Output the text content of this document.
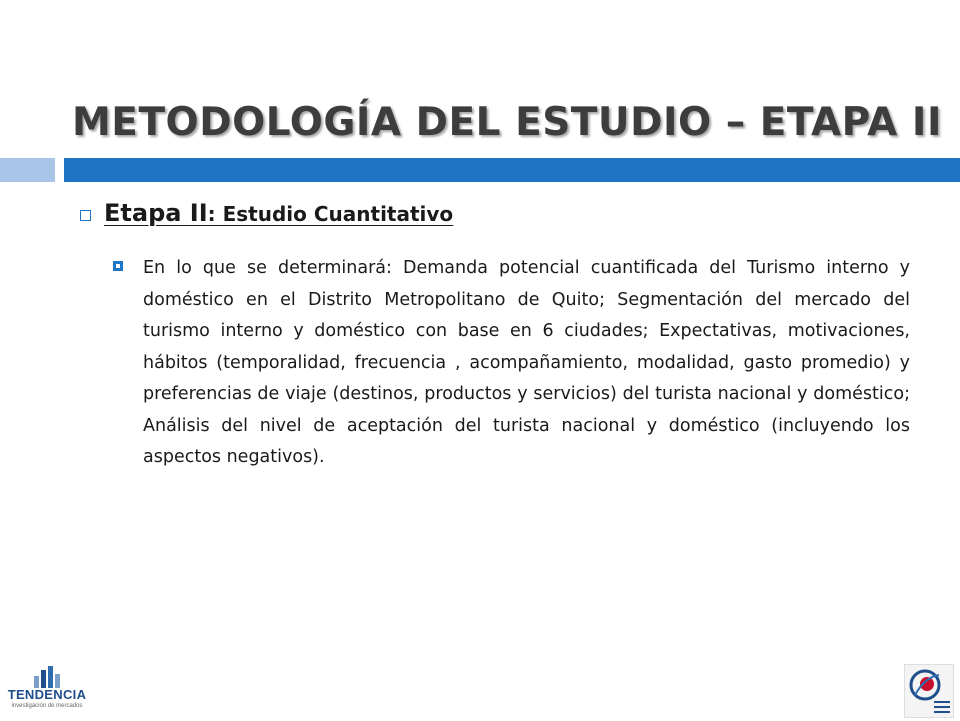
METODOLOGÍA DEL ESTUDIO – ETAPA II
Etapa II: Estudio Cuantitativo

En lo que se determinará: Demanda potencial cuantificada del Turismo interno y doméstico en el Distrito Metropolitano de Quito; Segmentación del mercado del turismo interno y doméstico con base en 6 ciudades; Expectativas, motivaciones, hábitos (temporalidad, frecuencia , acompañamiento, modalidad, gasto promedio) y preferencias de viaje (destinos, productos y servicios) del turista nacional y doméstico; Análisis del nivel de aceptación del turista nacional y doméstico (incluyendo los aspectos negativos).

TENDENCIA
investigación de mercados
